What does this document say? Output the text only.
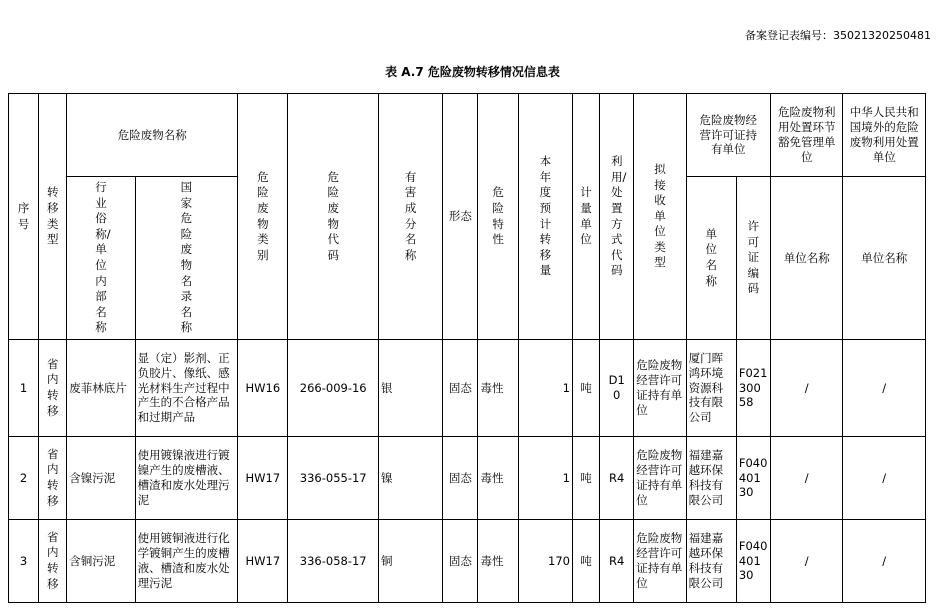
备案登记表编号：35021320250481
表 A.7 危险废物转移情况信息表
序号	转移类型	危险废物名称		危险废物类别	危险废物代码	有害成分名称	形态	危险特性	本年度预计转移量	计量单位	利用/处置方式代码	拟接收单位类型	危险废物经营许可证持有单位		危险废物利用处置环节豁免管理单位	中华人民共和国境外的危险废物利用处置单位

		行业俗称/单位内部名称	国家危险废物名录名称										单位名称	许可证编码	单位名称	单位名称
1	省内转移	废菲林底片	显（定）影剂、正负胶片、像纸、感光材料生产过程中产生的不合格产品和过期产品	HW16	266-009-16	银	固态	毒性	1	吨	D10	危险废物经营许可证持有单位	厦门晖鸿环境资源科技有限公司	F02130058	/	/
2	省内转移	含镍污泥	使用镀镍液进行镀镍产生的废槽液、槽渣和废水处理污泥	HW17	336-055-17	镍	固态	毒性	1	吨	R4	危险废物经营许可证持有单位	福建嘉越环保科技有限公司	F04040130	/	/
3	省内转移	含铜污泥	使用镀铜液进行化学镀铜产生的废槽液、槽渣和废水处理污泥	HW17	336-058-17	铜	固态	毒性	170	吨	R4	危险废物经营许可证持有单位	福建嘉越环保科技有限公司	F04040130	/	/
